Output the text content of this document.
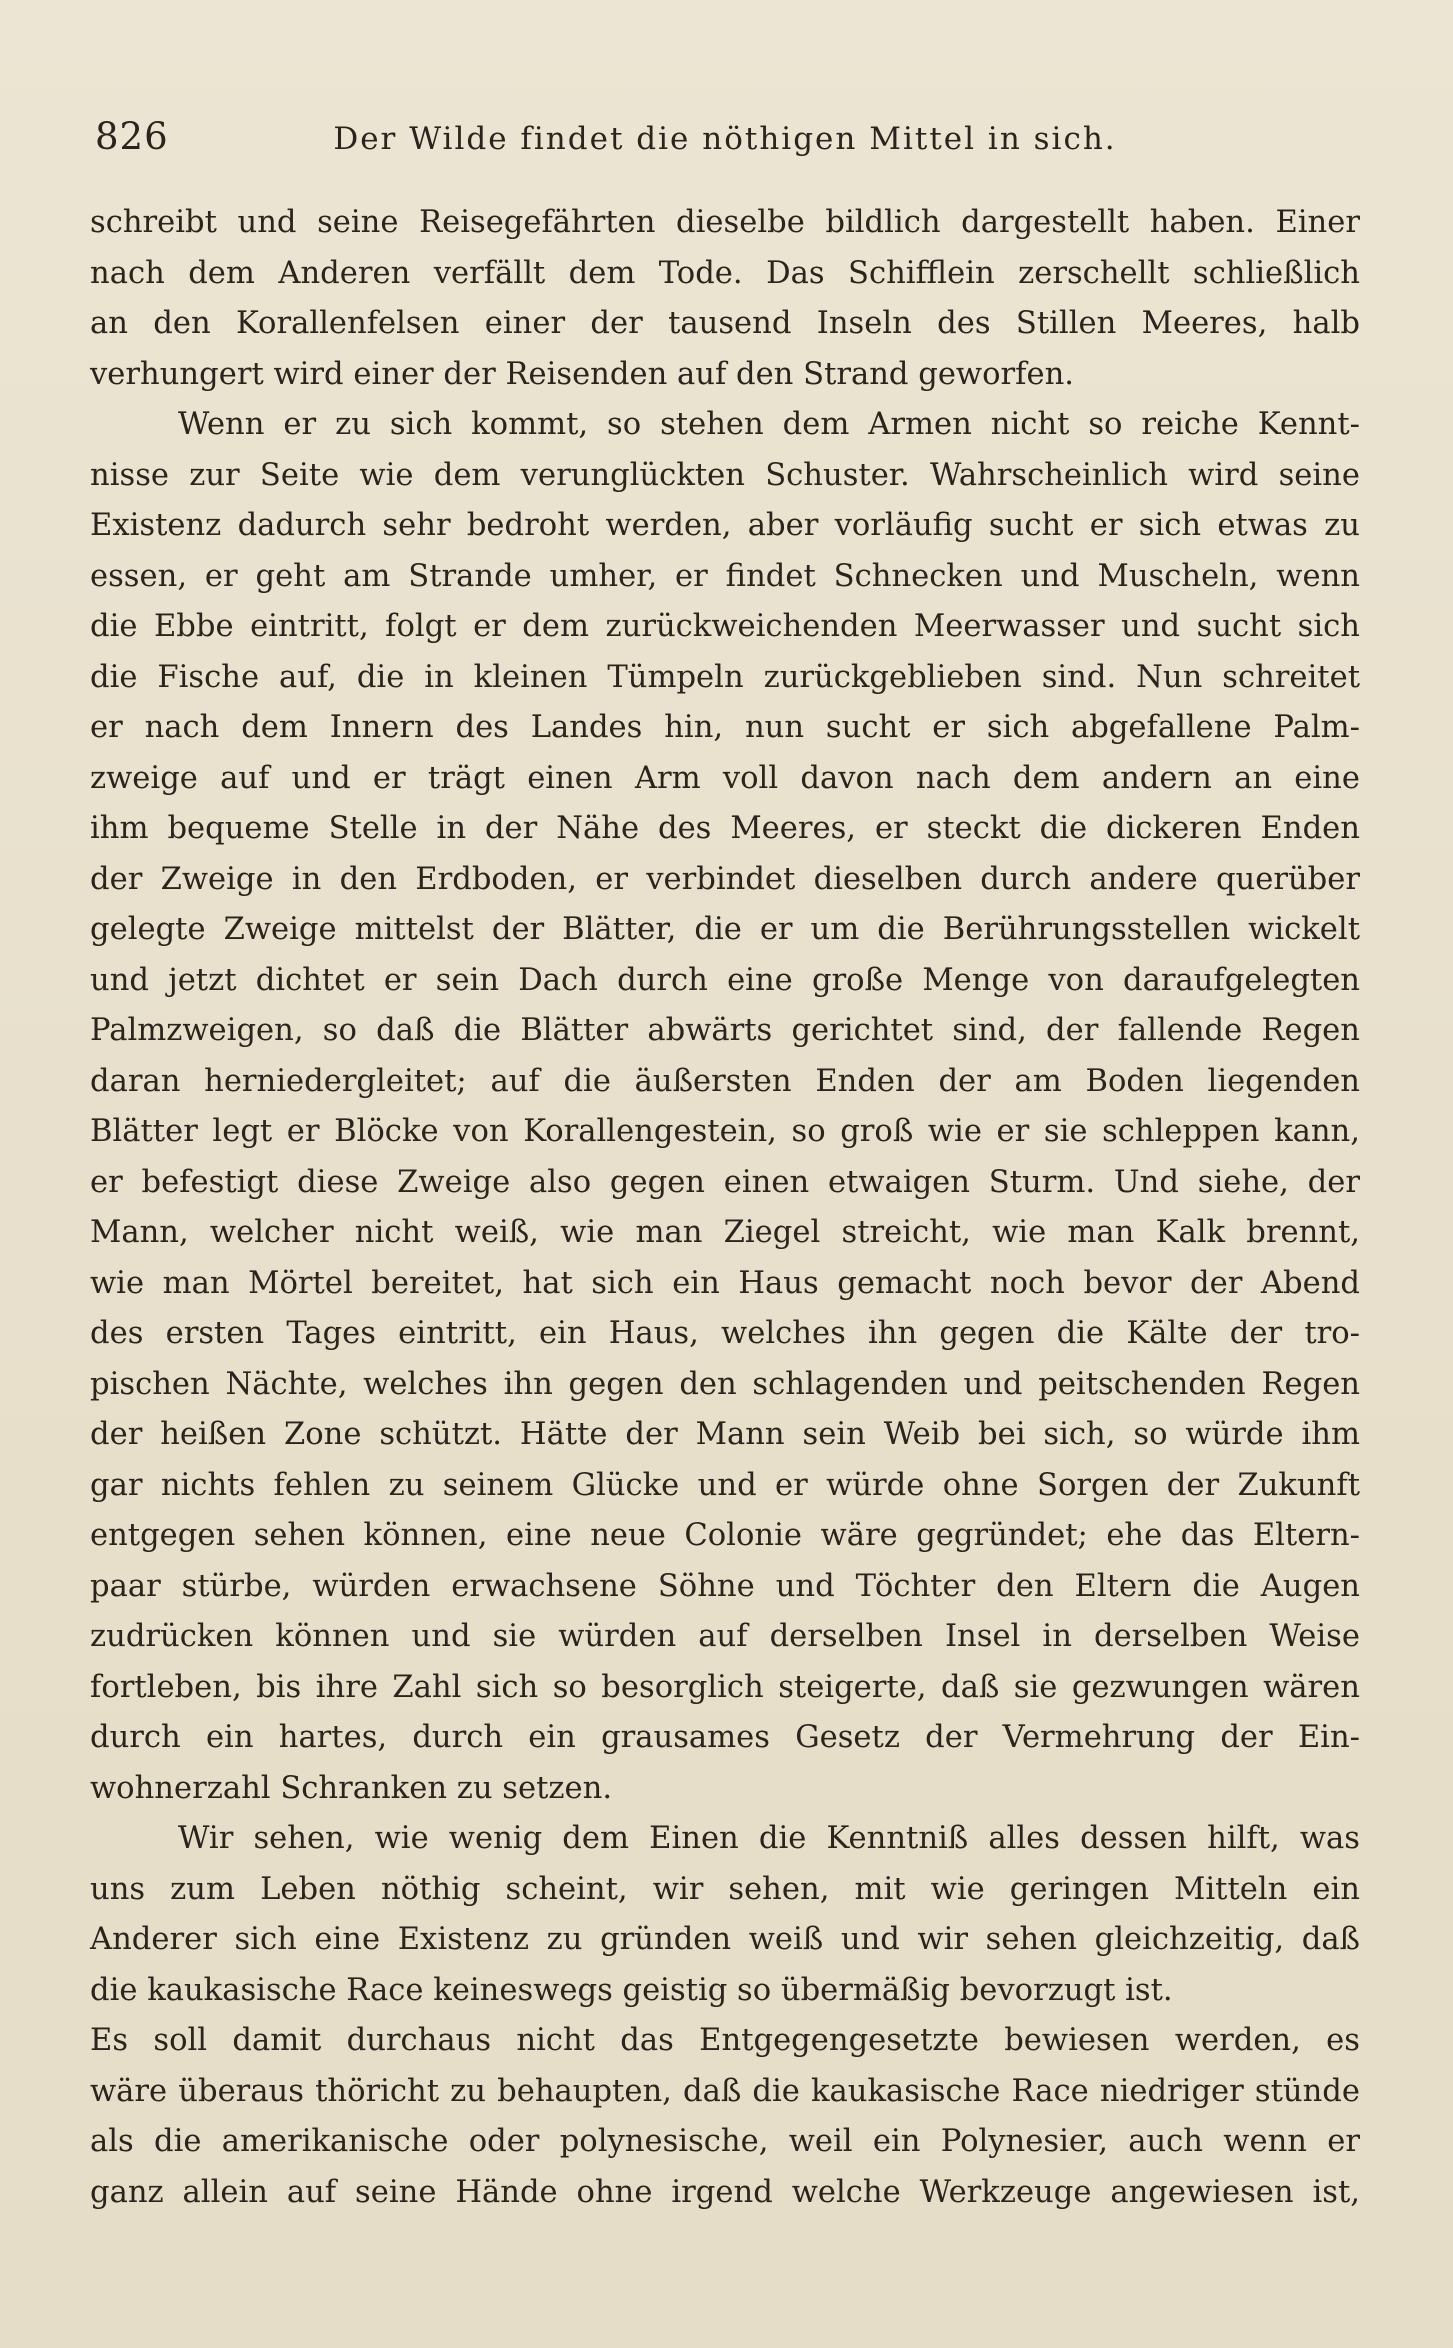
826	Der Wilde findet die nöthigen Mittel in sich.
schreibt und seine Reisegefährten dieselbe bildlich dargestellt haben. Einer
nach dem Anderen verfällt dem Tode. Das Schifflein zerschellt schließlich
an den Korallenfelsen einer der tausend Inseln des Stillen Meeres, halb
verhungert wird einer der Reisenden auf den Strand geworfen.
Wenn er zu sich kommt, so stehen dem Armen nicht so reiche Kennt-
nisse zur Seite wie dem verunglückten Schuster. Wahrscheinlich wird seine
Existenz dadurch sehr bedroht werden, aber vorläufig sucht er sich etwas zu
essen, er geht am Strande umher, er findet Schnecken und Muscheln, wenn
die Ebbe eintritt, folgt er dem zurückweichenden Meerwasser und sucht sich
die Fische auf, die in kleinen Tümpeln zurückgeblieben sind. Nun schreitet
er nach dem Innern des Landes hin, nun sucht er sich abgefallene Palm-
zweige auf und er trägt einen Arm voll davon nach dem andern an eine
ihm bequeme Stelle in der Nähe des Meeres, er steckt die dickeren Enden
der Zweige in den Erdboden, er verbindet dieselben durch andere querüber
gelegte Zweige mittelst der Blätter, die er um die Berührungsstellen wickelt
und jetzt dichtet er sein Dach durch eine große Menge von daraufgelegten
Palmzweigen, so daß die Blätter abwärts gerichtet sind, der fallende Regen
daran herniedergleitet; auf die äußersten Enden der am Boden liegenden
Blätter legt er Blöcke von Korallengestein, so groß wie er sie schleppen kann,
er befestigt diese Zweige also gegen einen etwaigen Sturm. Und siehe, der
Mann, welcher nicht weiß, wie man Ziegel streicht, wie man Kalk brennt,
wie man Mörtel bereitet, hat sich ein Haus gemacht noch bevor der Abend
des ersten Tages eintritt, ein Haus, welches ihn gegen die Kälte der tro-
pischen Nächte, welches ihn gegen den schlagenden und peitschenden Regen
der heißen Zone schützt. Hätte der Mann sein Weib bei sich, so würde ihm
gar nichts fehlen zu seinem Glücke und er würde ohne Sorgen der Zukunft
entgegen sehen können, eine neue Colonie wäre gegründet; ehe das Eltern-
paar stürbe, würden erwachsene Söhne und Töchter den Eltern die Augen
zudrücken können und sie würden auf derselben Insel in derselben Weise
fortleben, bis ihre Zahl sich so besorglich steigerte, daß sie gezwungen wären
durch ein hartes, durch ein grausames Gesetz der Vermehrung der Ein-
wohnerzahl Schranken zu setzen.
Wir sehen, wie wenig dem Einen die Kenntniß alles dessen hilft, was
uns zum Leben nöthig scheint, wir sehen, mit wie geringen Mitteln ein
Anderer sich eine Existenz zu gründen weiß und wir sehen gleichzeitig, daß
die kaukasische Race keineswegs geistig so übermäßig bevorzugt ist.
Es soll damit durchaus nicht das Entgegengesetzte bewiesen werden, es
wäre überaus thöricht zu behaupten, daß die kaukasische Race niedriger stünde
als die amerikanische oder polynesische, weil ein Polynesier, auch wenn er
ganz allein auf seine Hände ohne irgend welche Werkzeuge angewiesen ist,
